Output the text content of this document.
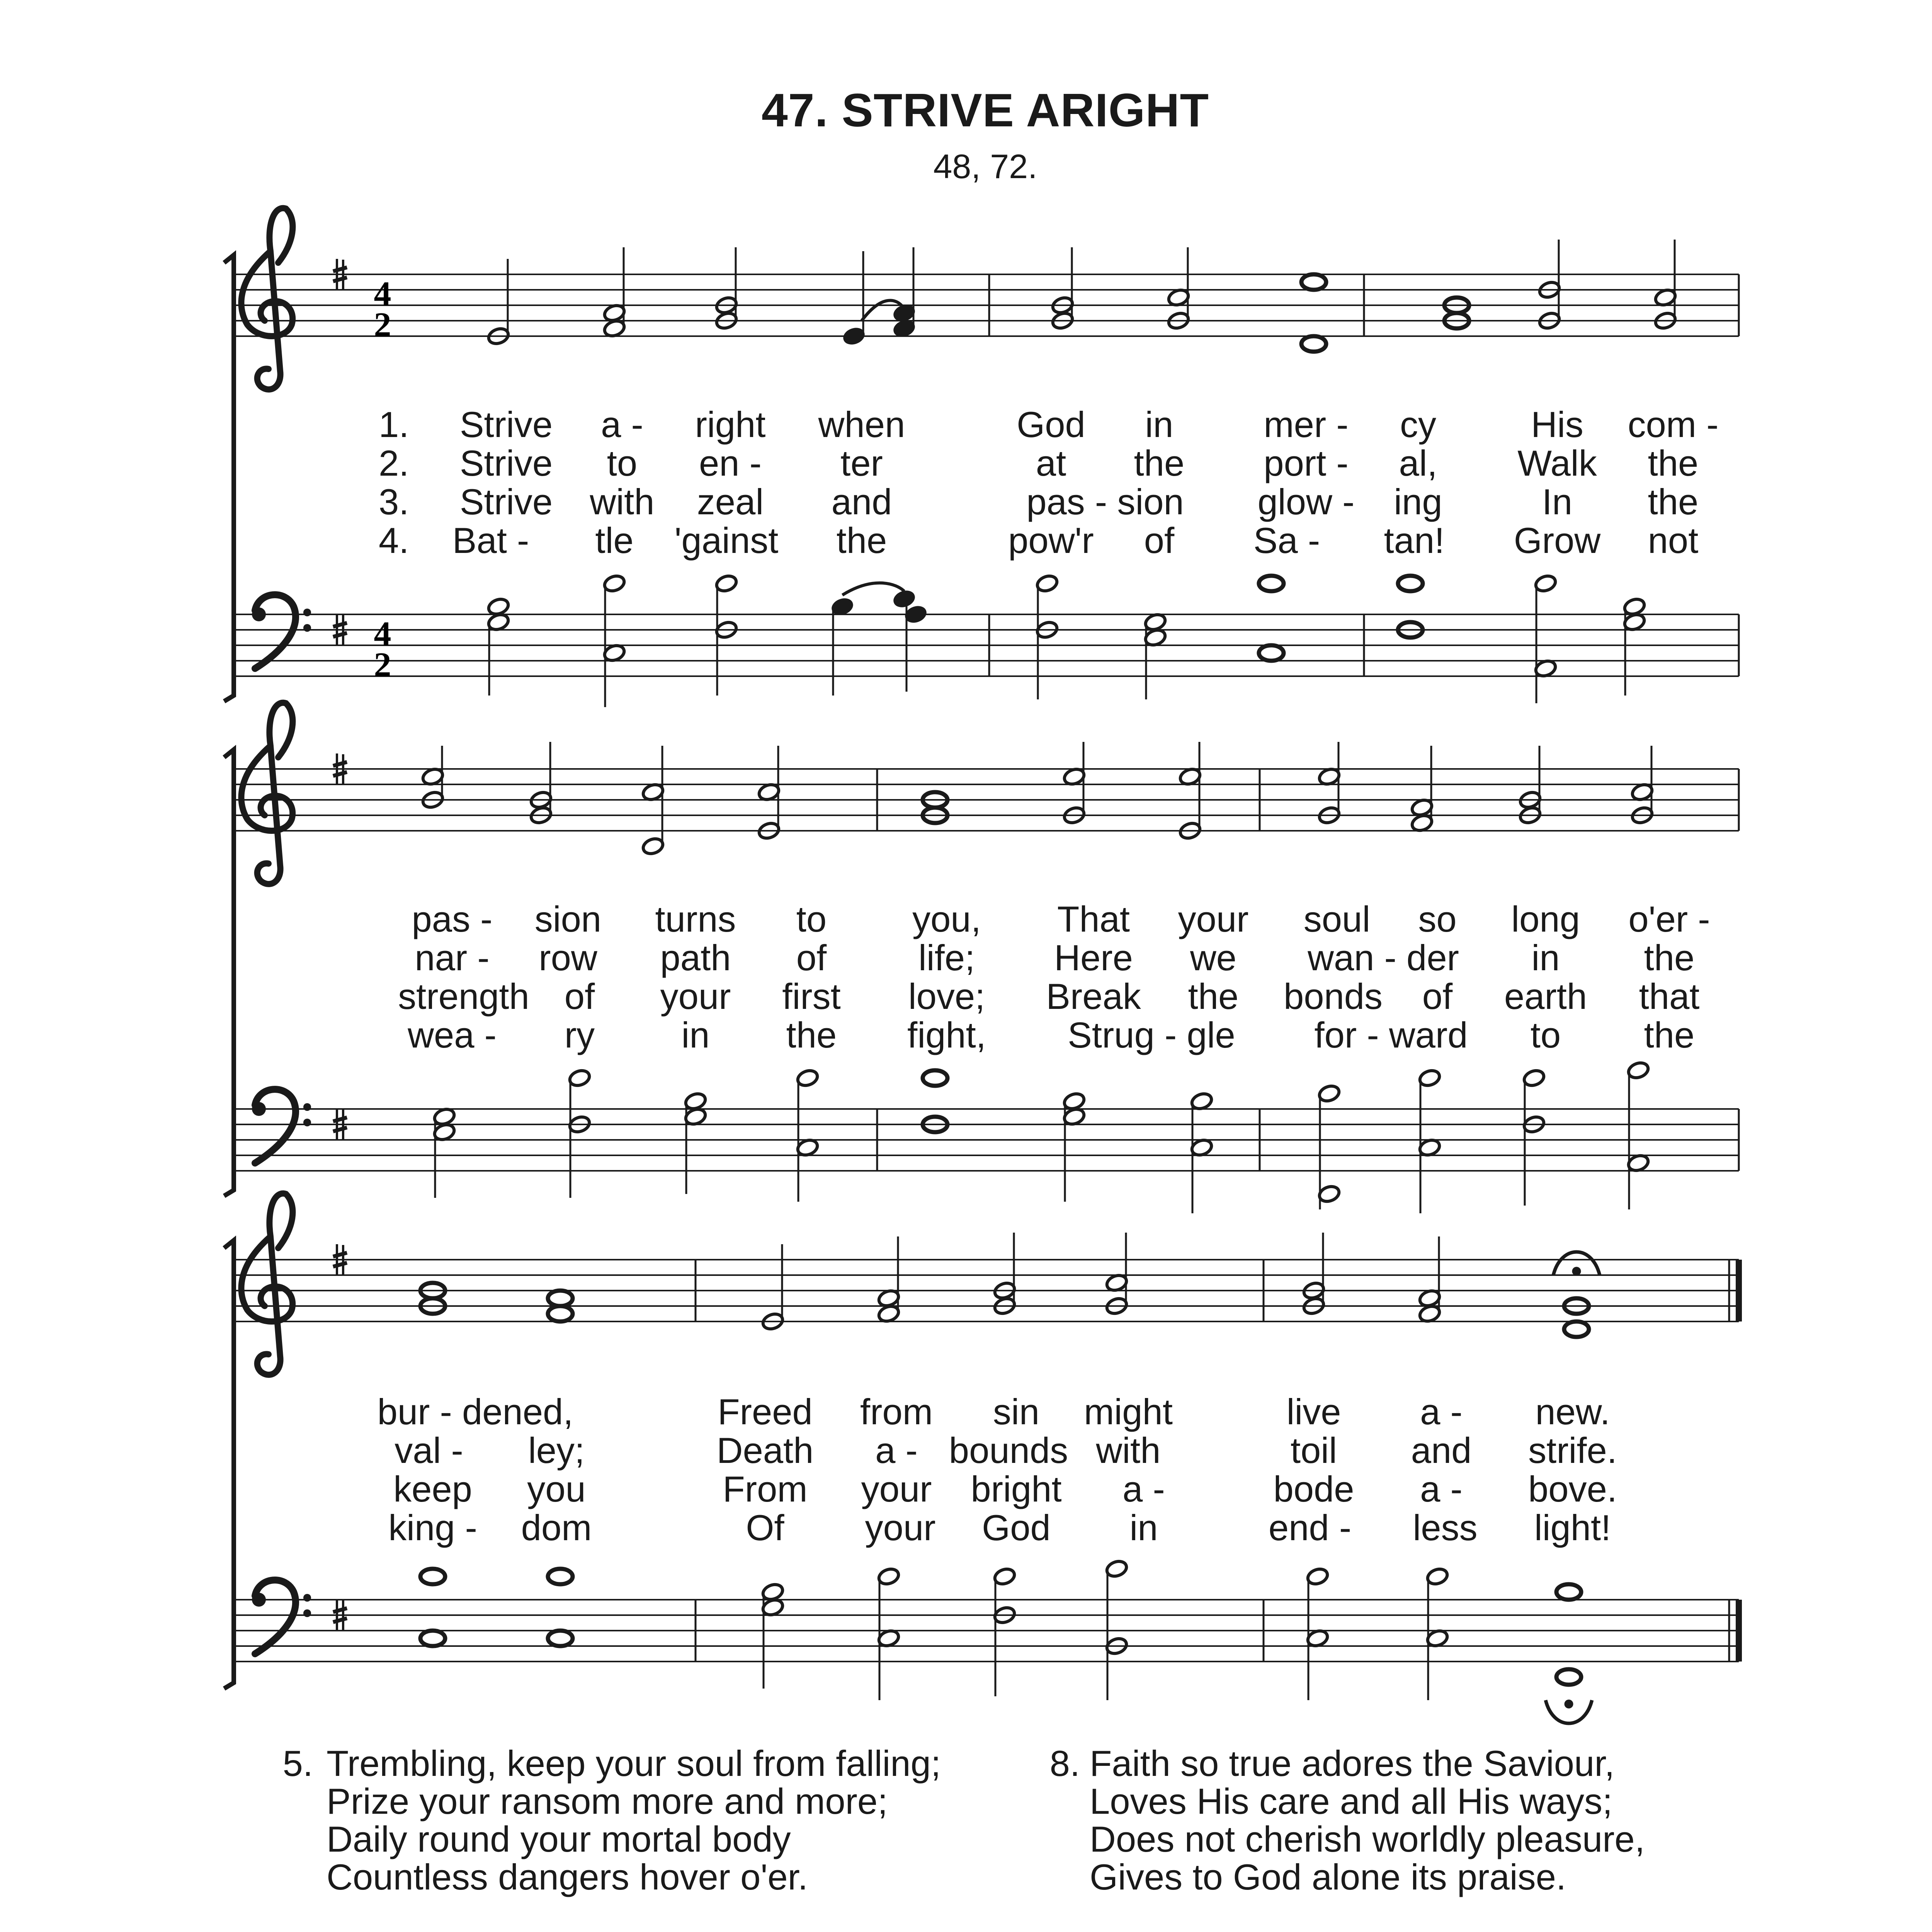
47. STRIVE ARIGHT
48, 72.
4
2
4
2
1. Strive a - right when	God in mer - cy	His com -
2. Strive to en - ter	at the port - al, Walk the
3. Strive with zeal and	pas - sion glow - ing	In the
4. Bat - tle 'gainst the	pow'r of Sa - tan! Grow not
pas - sion turns to you, That your soul so long o'er -
nar - row path of	life; Here we wan - der in the
strength of your first love; Break the bonds of earth that
wea - ry in the fight, Strug - gle for - ward to the
bur - dened,	Freed from sin might	live a - new.
val - ley;	Death a - bounds with	toil and strife.
keep you	From your bright a -	bode a - bove.
king - dom	Of your God in	end - less light!
5. Trembling, keep your soul from falling;
Prize your ransom more and more;
Daily round your mortal body
Countless dangers hover o'er.
8. Faith so true adores the Saviour,
Loves His care and all His ways;
Does not cherish worldly pleasure,
Gives to God alone its praise.
